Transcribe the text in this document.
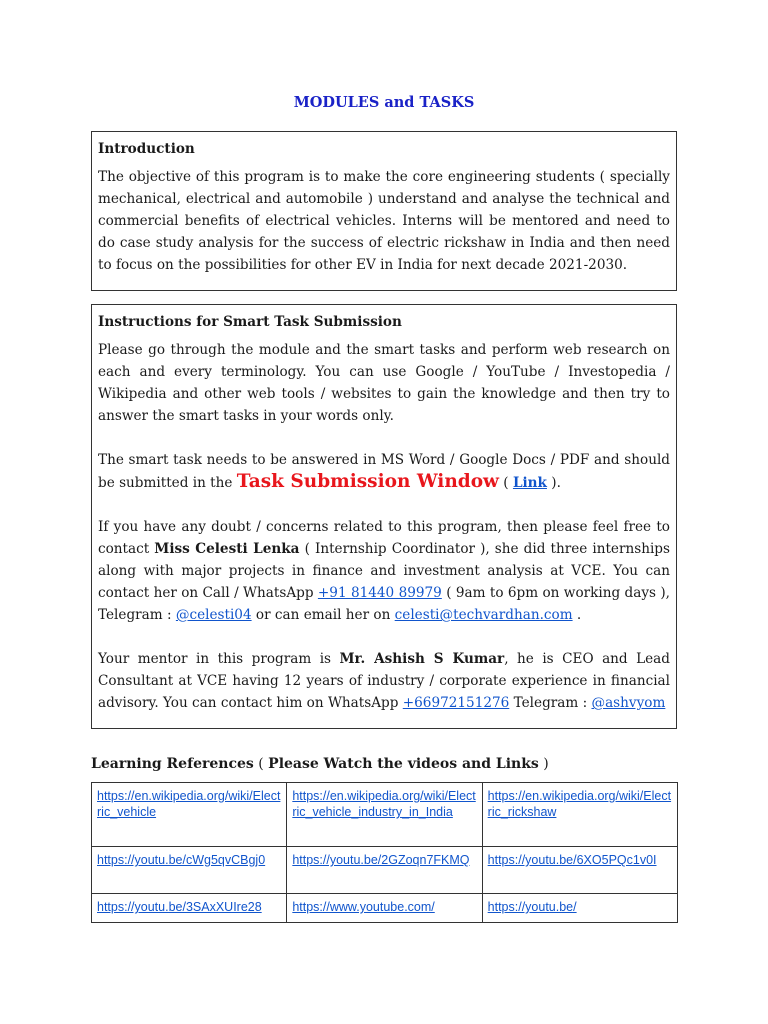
MODULES and TASKS
Introduction

The objective of this program is to make the core engineering students ( specially mechanical, electrical and automobile ) understand and analyse the technical and commercial benefits of electrical vehicles. Interns will be mentored and need to do case study analysis for the success of electric rickshaw in India and then need to focus on the possibilities for other EV in India for next decade 2021-2030.

Instructions for Smart Task Submission

Please go through the module and the smart tasks and perform web research on each and every terminology. You can use Google / YouTube / Investopedia / Wikipedia and other web tools / websites to gain the knowledge and then try to answer the smart tasks in your words only.

The smart task needs to be answered in MS Word / Google Docs / PDF and should be submitted in the Task Submission Window ( Link ).

If you have any doubt / concerns related to this program, then please feel free to contact Miss Celesti Lenka ( Internship Coordinator ), she did three internships along with major projects in finance and investment analysis at VCE. You can contact her on Call / WhatsApp +91 81440 89979 ( 9am to 6pm on working days ), Telegram : @celesti04 or can email her on celesti@techvardhan.com .

Your mentor in this program is Mr. Ashish S Kumar, he is CEO and Lead Consultant at VCE having 12 years of industry / corporate experience in financial advisory. You can contact him on WhatsApp +66972151276 Telegram : @ashvyom

Learning References ( Please Watch the videos and Links )
https://en.wikipedia.org/wiki/Electric_vehicle	https://en.wikipedia.org/wiki/Electric_vehicle_industry_in_India	https://en.wikipedia.org/wiki/Electric_rickshaw
https://youtu.be/cWg5qvCBgj0	https://youtu.be/2GZoqn7FKMQ	https://youtu.be/6XO5PQc1v0I
https://youtu.be/3SAxXUIre28	https://www.youtube.com/	https://youtu.be/
